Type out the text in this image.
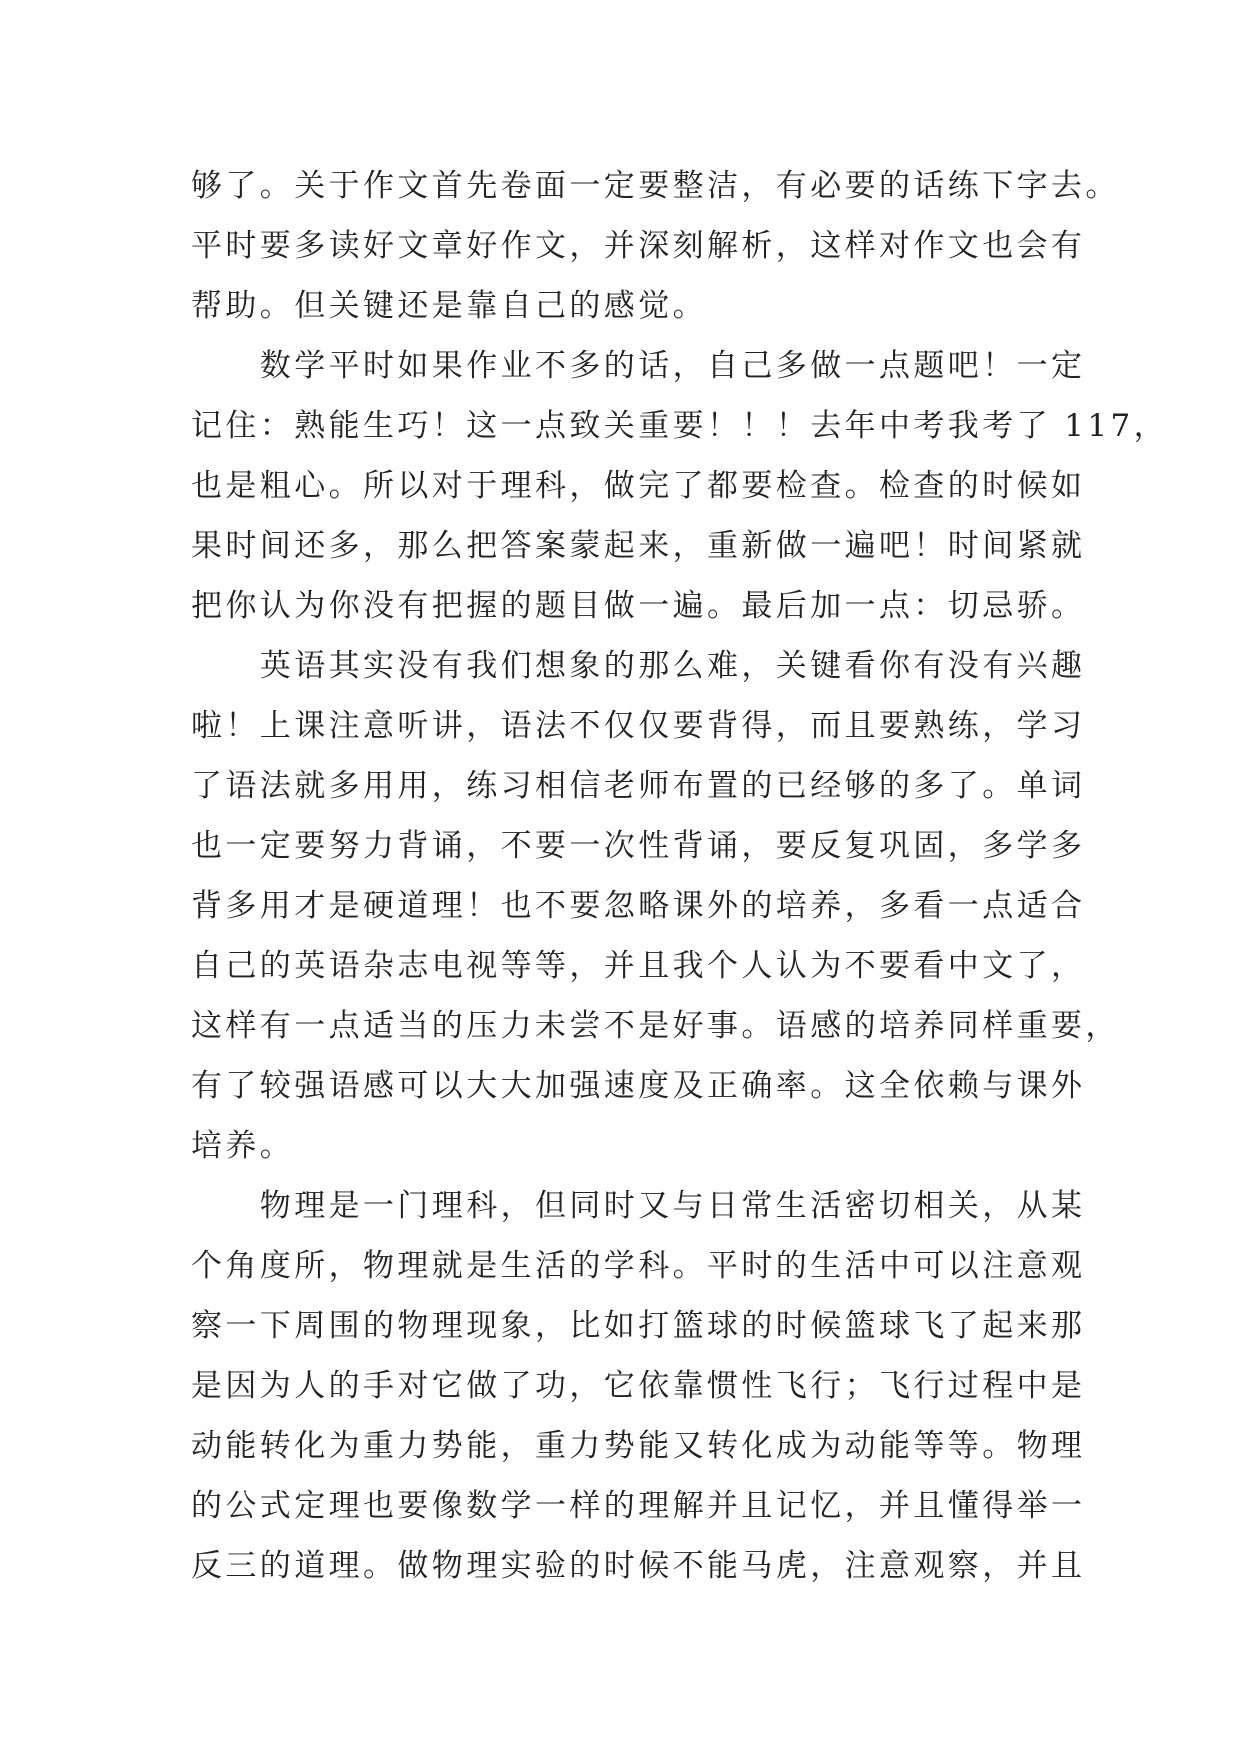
够了。关于作文首先卷面一定要整洁，有必要的话练下字去。
平时要多读好文章好作文，并深刻解析，这样对作文也会有
帮助。但关键还是靠自己的感觉。
　　数学平时如果作业不多的话，自己多做一点题吧！一定
记住：熟能生巧！这一点致关重要！！！去年中考我考了 117，
也是粗心。所以对于理科，做完了都要检查。检查的时候如
果时间还多，那么把答案蒙起来，重新做一遍吧！时间紧就
把你认为你没有把握的题目做一遍。最后加一点：切忌骄。
　　英语其实没有我们想象的那么难，关键看你有没有兴趣
啦！上课注意听讲，语法不仅仅要背得，而且要熟练，学习
了语法就多用用，练习相信老师布置的已经够的多了。单词
也一定要努力背诵，不要一次性背诵，要反复巩固，多学多
背多用才是硬道理！也不要忽略课外的培养，多看一点适合
自己的英语杂志电视等等，并且我个人认为不要看中文了，
这样有一点适当的压力未尝不是好事。语感的培养同样重要，
有了较强语感可以大大加强速度及正确率。这全依赖与课外
培养。
　　物理是一门理科，但同时又与日常生活密切相关，从某
个角度所，物理就是生活的学科。平时的生活中可以注意观
察一下周围的物理现象，比如打篮球的时候篮球飞了起来那
是因为人的手对它做了功，它依靠惯性飞行；飞行过程中是
动能转化为重力势能，重力势能又转化成为动能等等。物理
的公式定理也要像数学一样的理解并且记忆，并且懂得举一
反三的道理。做物理实验的时候不能马虎，注意观察，并且
